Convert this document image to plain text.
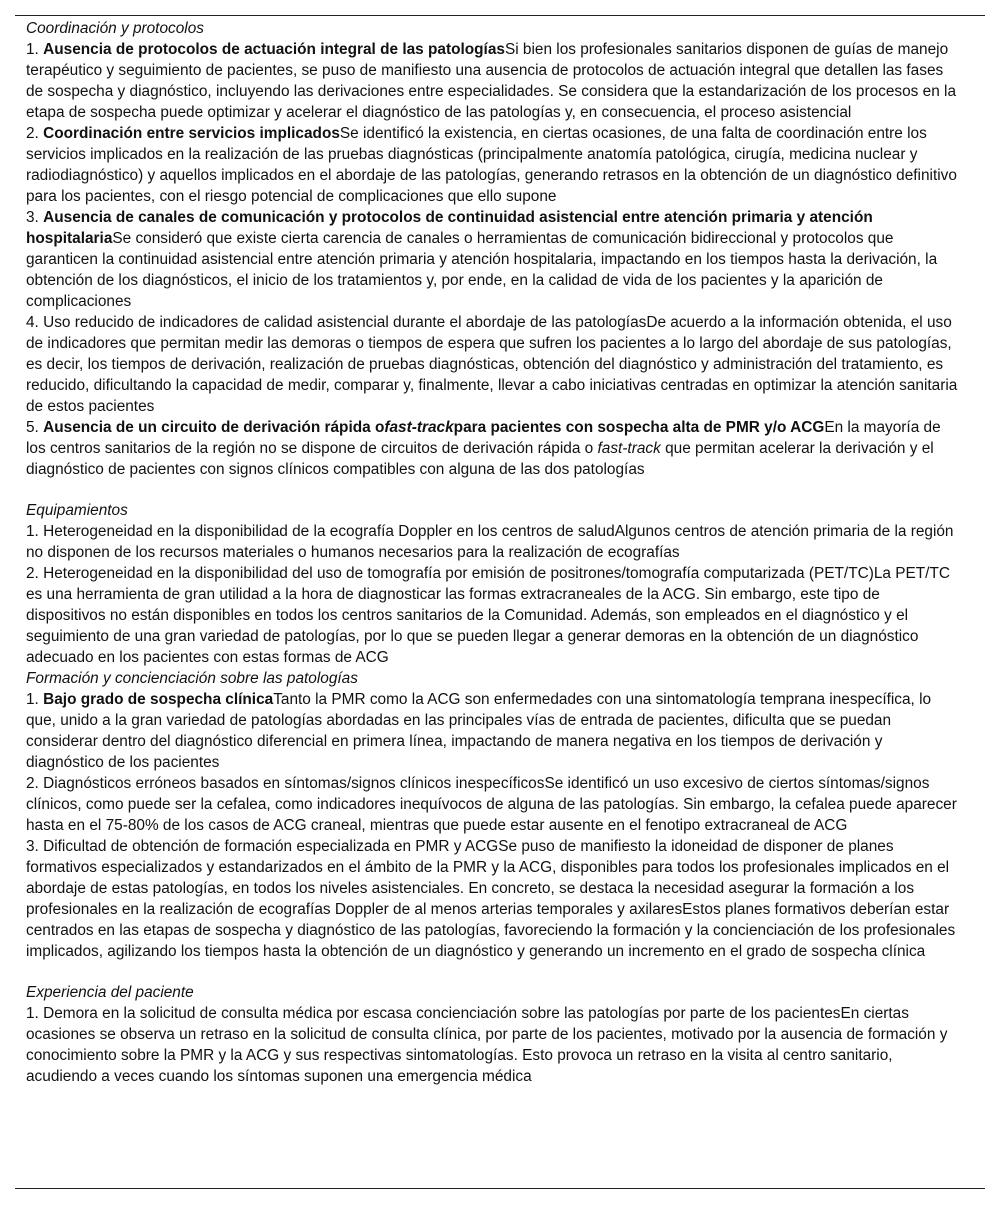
Coordinación y protocolos
1. Ausencia de protocolos de actuación integral de las patologíasSi bien los profesionales sanitarios disponen de guías de manejo terapéutico y seguimiento de pacientes, se puso de manifiesto una ausencia de protocolos de actuación integral que detallen las fases de sospecha y diagnóstico, incluyendo las derivaciones entre especialidades. Se considera que la estandarización de los procesos en la etapa de sospecha puede optimizar y acelerar el diagnóstico de las patologías y, en consecuencia, el proceso asistencial
2. Coordinación entre servicios implicadosSe identificó la existencia, en ciertas ocasiones, de una falta de coordinación entre los servicios implicados en la realización de las pruebas diagnósticas (principalmente anatomía patológica, cirugía, medicina nuclear y radiodiagnóstico) y aquellos implicados en el abordaje de las patologías, generando retrasos en la obtención de un diagnóstico definitivo para los pacientes, con el riesgo potencial de complicaciones que ello supone
3. Ausencia de canales de comunicación y protocolos de continuidad asistencial entre atención primaria y atención hospitalariaSe consideró que existe cierta carencia de canales o herramientas de comunicación bidireccional y protocolos que garanticen la continuidad asistencial entre atención primaria y atención hospitalaria, impactando en los tiempos hasta la derivación, la obtención de los diagnósticos, el inicio de los tratamientos y, por ende, en la calidad de vida de los pacientes y la aparición de complicaciones
4. Uso reducido de indicadores de calidad asistencial durante el abordaje de las patologíasDe acuerdo a la información obtenida, el uso de indicadores que permitan medir las demoras o tiempos de espera que sufren los pacientes a lo largo del abordaje de sus patologías, es decir, los tiempos de derivación, realización de pruebas diagnósticas, obtención del diagnóstico y administración del tratamiento, es reducido, dificultando la capacidad de medir, comparar y, finalmente, llevar a cabo iniciativas centradas en optimizar la atención sanitaria de estos pacientes
5. Ausencia de un circuito de derivación rápida ofast-trackpara pacientes con sospecha alta de PMR y/o ACGEn la mayoría de los centros sanitarios de la región no se dispone de circuitos de derivación rápida o fast-track que permitan acelerar la derivación y el diagnóstico de pacientes con signos clínicos compatibles con alguna de las dos patologías
Equipamientos
1. Heterogeneidad en la disponibilidad de la ecografía Doppler en los centros de saludAlgunos centros de atención primaria de la región no disponen de los recursos materiales o humanos necesarios para la realización de ecografías
2. Heterogeneidad en la disponibilidad del uso de tomografía por emisión de positrones/tomografía computarizada (PET/TC)La PET/TC es una herramienta de gran utilidad a la hora de diagnosticar las formas extracraneales de la ACG. Sin embargo, este tipo de dispositivos no están disponibles en todos los centros sanitarios de la Comunidad. Además, son empleados en el diagnóstico y el seguimiento de una gran variedad de patologías, por lo que se pueden llegar a generar demoras en la obtención de un diagnóstico adecuado en los pacientes con estas formas de ACG
Formación y concienciación sobre las patologías
1. Bajo grado de sospecha clínicaTanto la PMR como la ACG son enfermedades con una sintomatología temprana inespecífica, lo que, unido a la gran variedad de patologías abordadas en las principales vías de entrada de pacientes, dificulta que se puedan considerar dentro del diagnóstico diferencial en primera línea, impactando de manera negativa en los tiempos de derivación y diagnóstico de los pacientes
2. Diagnósticos erróneos basados en síntomas/signos clínicos inespecíficosSe identificó un uso excesivo de ciertos síntomas/signos clínicos, como puede ser la cefalea, como indicadores inequívocos de alguna de las patologías. Sin embargo, la cefalea puede aparecer hasta en el 75-80% de los casos de ACG craneal, mientras que puede estar ausente en el fenotipo extracraneal de ACG
3. Dificultad de obtención de formación especializada en PMR y ACGSe puso de manifiesto la idoneidad de disponer de planes formativos especializados y estandarizados en el ámbito de la PMR y la ACG, disponibles para todos los profesionales implicados en el abordaje de estas patologías, en todos los niveles asistenciales. En concreto, se destaca la necesidad asegurar la formación a los profesionales en la realización de ecografías Doppler de al menos arterias temporales y axilaresEstos planes formativos deberían estar centrados en las etapas de sospecha y diagnóstico de las patologías, favoreciendo la formación y la concienciación de los profesionales implicados, agilizando los tiempos hasta la obtención de un diagnóstico y generando un incremento en el grado de sospecha clínica
Experiencia del paciente
1. Demora en la solicitud de consulta médica por escasa concienciación sobre las patologías por parte de los pacientesEn ciertas ocasiones se observa un retraso en la solicitud de consulta clínica, por parte de los pacientes, motivado por la ausencia de formación y conocimiento sobre la PMR y la ACG y sus respectivas sintomatologías. Esto provoca un retraso en la visita al centro sanitario, acudiendo a veces cuando los síntomas suponen una emergencia médica
